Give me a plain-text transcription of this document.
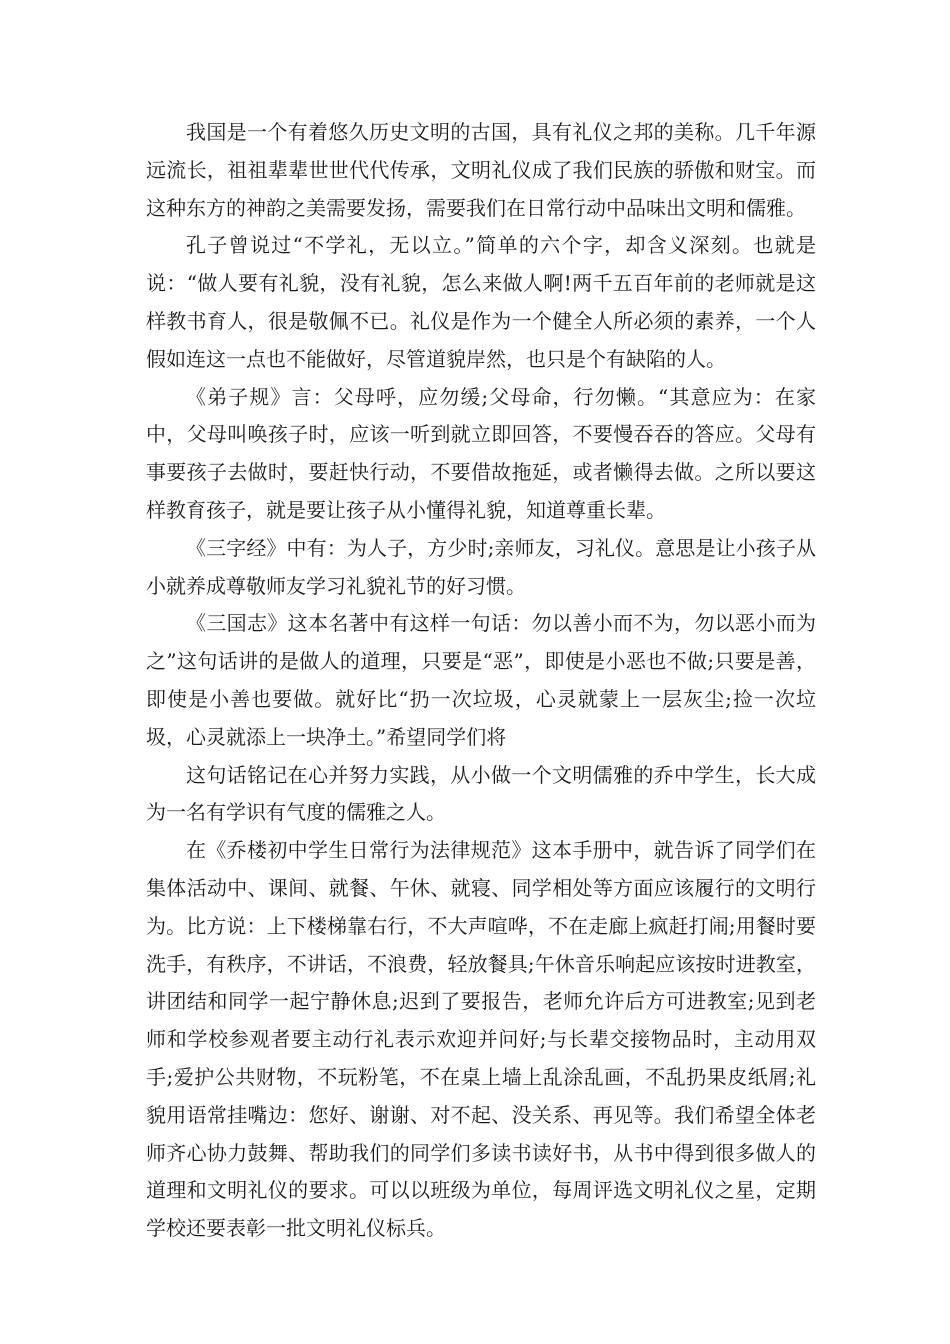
我国是一个有着悠久历史文明的古国，具有礼仪之邦的美称。几千年源远流长，祖祖辈辈世世代代传承，文明礼仪成了我们民族的骄傲和财宝。而这种东方的神韵之美需要发扬，需要我们在日常行动中品味出文明和儒雅。

孔子曾说过“不学礼，无以立。”简单的六个字，却含义深刻。也就是说：“做人要有礼貌，没有礼貌，怎么来做人啊!两千五百年前的老师就是这样教书育人，很是敬佩不已。礼仪是作为一个健全人所必须的素养，一个人假如连这一点也不能做好，尽管道貌岸然，也只是个有缺陷的人。

《弟子规》言：父母呼，应勿缓;父母命，行勿懒。“其意应为：在家中，父母叫唤孩子时，应该一听到就立即回答，不要慢吞吞的答应。父母有事要孩子去做时，要赶快行动，不要借故拖延，或者懒得去做。之所以要这样教育孩子，就是要让孩子从小懂得礼貌，知道尊重长辈。

《三字经》中有：为人子，方少时;亲师友，习礼仪。意思是让小孩子从小就养成尊敬师友学习礼貌礼节的好习惯。

《三国志》这本名著中有这样一句话：勿以善小而不为，勿以恶小而为之”这句话讲的是做人的道理，只要是“恶”，即使是小恶也不做;只要是善，即使是小善也要做。就好比“扔一次垃圾，心灵就蒙上一层灰尘;捡一次垃圾，心灵就添上一块净土。”希望同学们将

这句话铭记在心并努力实践，从小做一个文明儒雅的乔中学生，长大成为一名有学识有气度的儒雅之人。

在《乔楼初中学生日常行为法律规范》这本手册中，就告诉了同学们在集体活动中、课间、就餐、午休、就寝、同学相处等方面应该履行的文明行为。比方说：上下楼梯靠右行，不大声喧哗，不在走廊上疯赶打闹;用餐时要洗手，有秩序，不讲话，不浪费，轻放餐具;午休音乐响起应该按时进教室，讲团结和同学一起宁静休息;迟到了要报告，老师允许后方可进教室;见到老师和学校参观者要主动行礼表示欢迎并问好;与长辈交接物品时，主动用双手;爱护公共财物，不玩粉笔，不在桌上墙上乱涂乱画，不乱扔果皮纸屑;礼貌用语常挂嘴边：您好、谢谢、对不起、没关系、再见等。我们希望全体老师齐心协力鼓舞、帮助我们的同学们多读书读好书，从书中得到很多做人的道理和文明礼仪的要求。可以以班级为单位，每周评选文明礼仪之星，定期学校还要表彰一批文明礼仪标兵。
